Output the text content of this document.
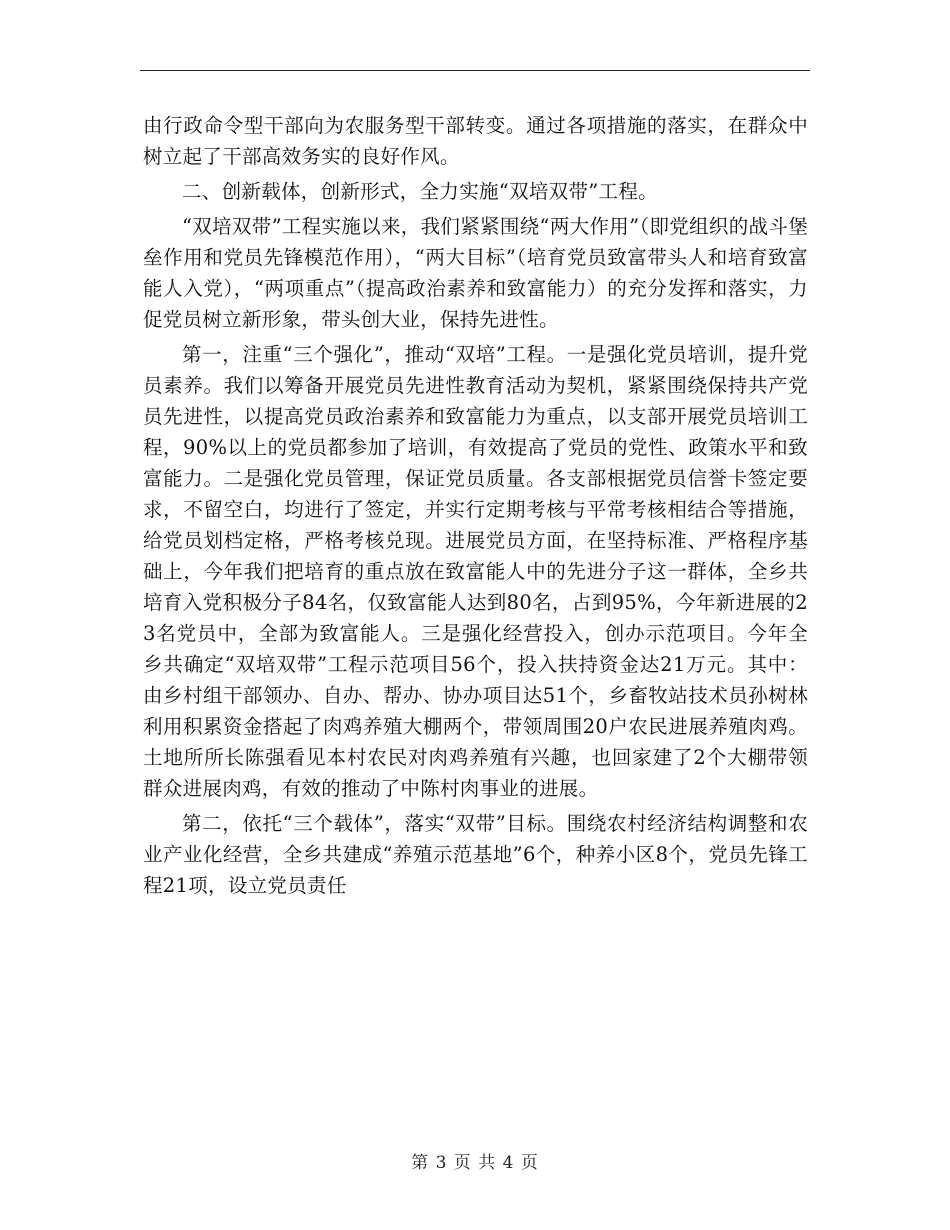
由行政命令型干部向为农服务型干部转变。通过各项措施的落实，在群众中树立起了干部高效务实的良好作风。

二、创新载体，创新形式，全力实施“双培双带”工程。

“双培双带”工程实施以来，我们紧紧围绕“两大作用”（即党组织的战斗堡垒作用和党员先锋模范作用），“两大目标”（培育党员致富带头人和培育致富能人入党），“两项重点”（提高政治素养和致富能力）的充分发挥和落实，力促党员树立新形象，带头创大业，保持先进性。

第一，注重“三个强化”，推动“双培”工程。一是强化党员培训，提升党员素养。我们以筹备开展党员先进性教育活动为契机，紧紧围绕保持共产党员先进性，以提高党员政治素养和致富能力为重点，以支部开展党员培训工程，90%以上的党员都参加了培训，有效提高了党员的党性、政策水平和致富能力。二是强化党员管理，保证党员质量。各支部根据党员信誉卡签定要求，不留空白，均进行了签定，并实行定期考核与平常考核相结合等措施，给党员划档定格，严格考核兑现。进展党员方面，在坚持标准、严格程序基础上，今年我们把培育的重点放在致富能人中的先进分子这一群体，全乡共培育入党积极分子84名，仅致富能人达到80名，占到95%，今年新进展的23名党员中，全部为致富能人。三是强化经营投入，创办示范项目。今年全乡共确定“双培双带”工程示范项目56个，投入扶持资金达21万元。其中：由乡村组干部领办、自办、帮办、协办项目达51个，乡畜牧站技术员孙树林利用积累资金搭起了肉鸡养殖大棚两个，带领周围20户农民进展养殖肉鸡。土地所所长陈强看见本村农民对肉鸡养殖有兴趣，也回家建了2个大棚带领群众进展肉鸡，有效的推动了中陈村肉事业的进展。

第二，依托“三个载体”，落实“双带”目标。围绕农村经济结构调整和农业产业化经营，全乡共建成“养殖示范基地”6个，种养小区8个，党员先锋工程21项，设立党员责任

第 3 页 共 4 页
